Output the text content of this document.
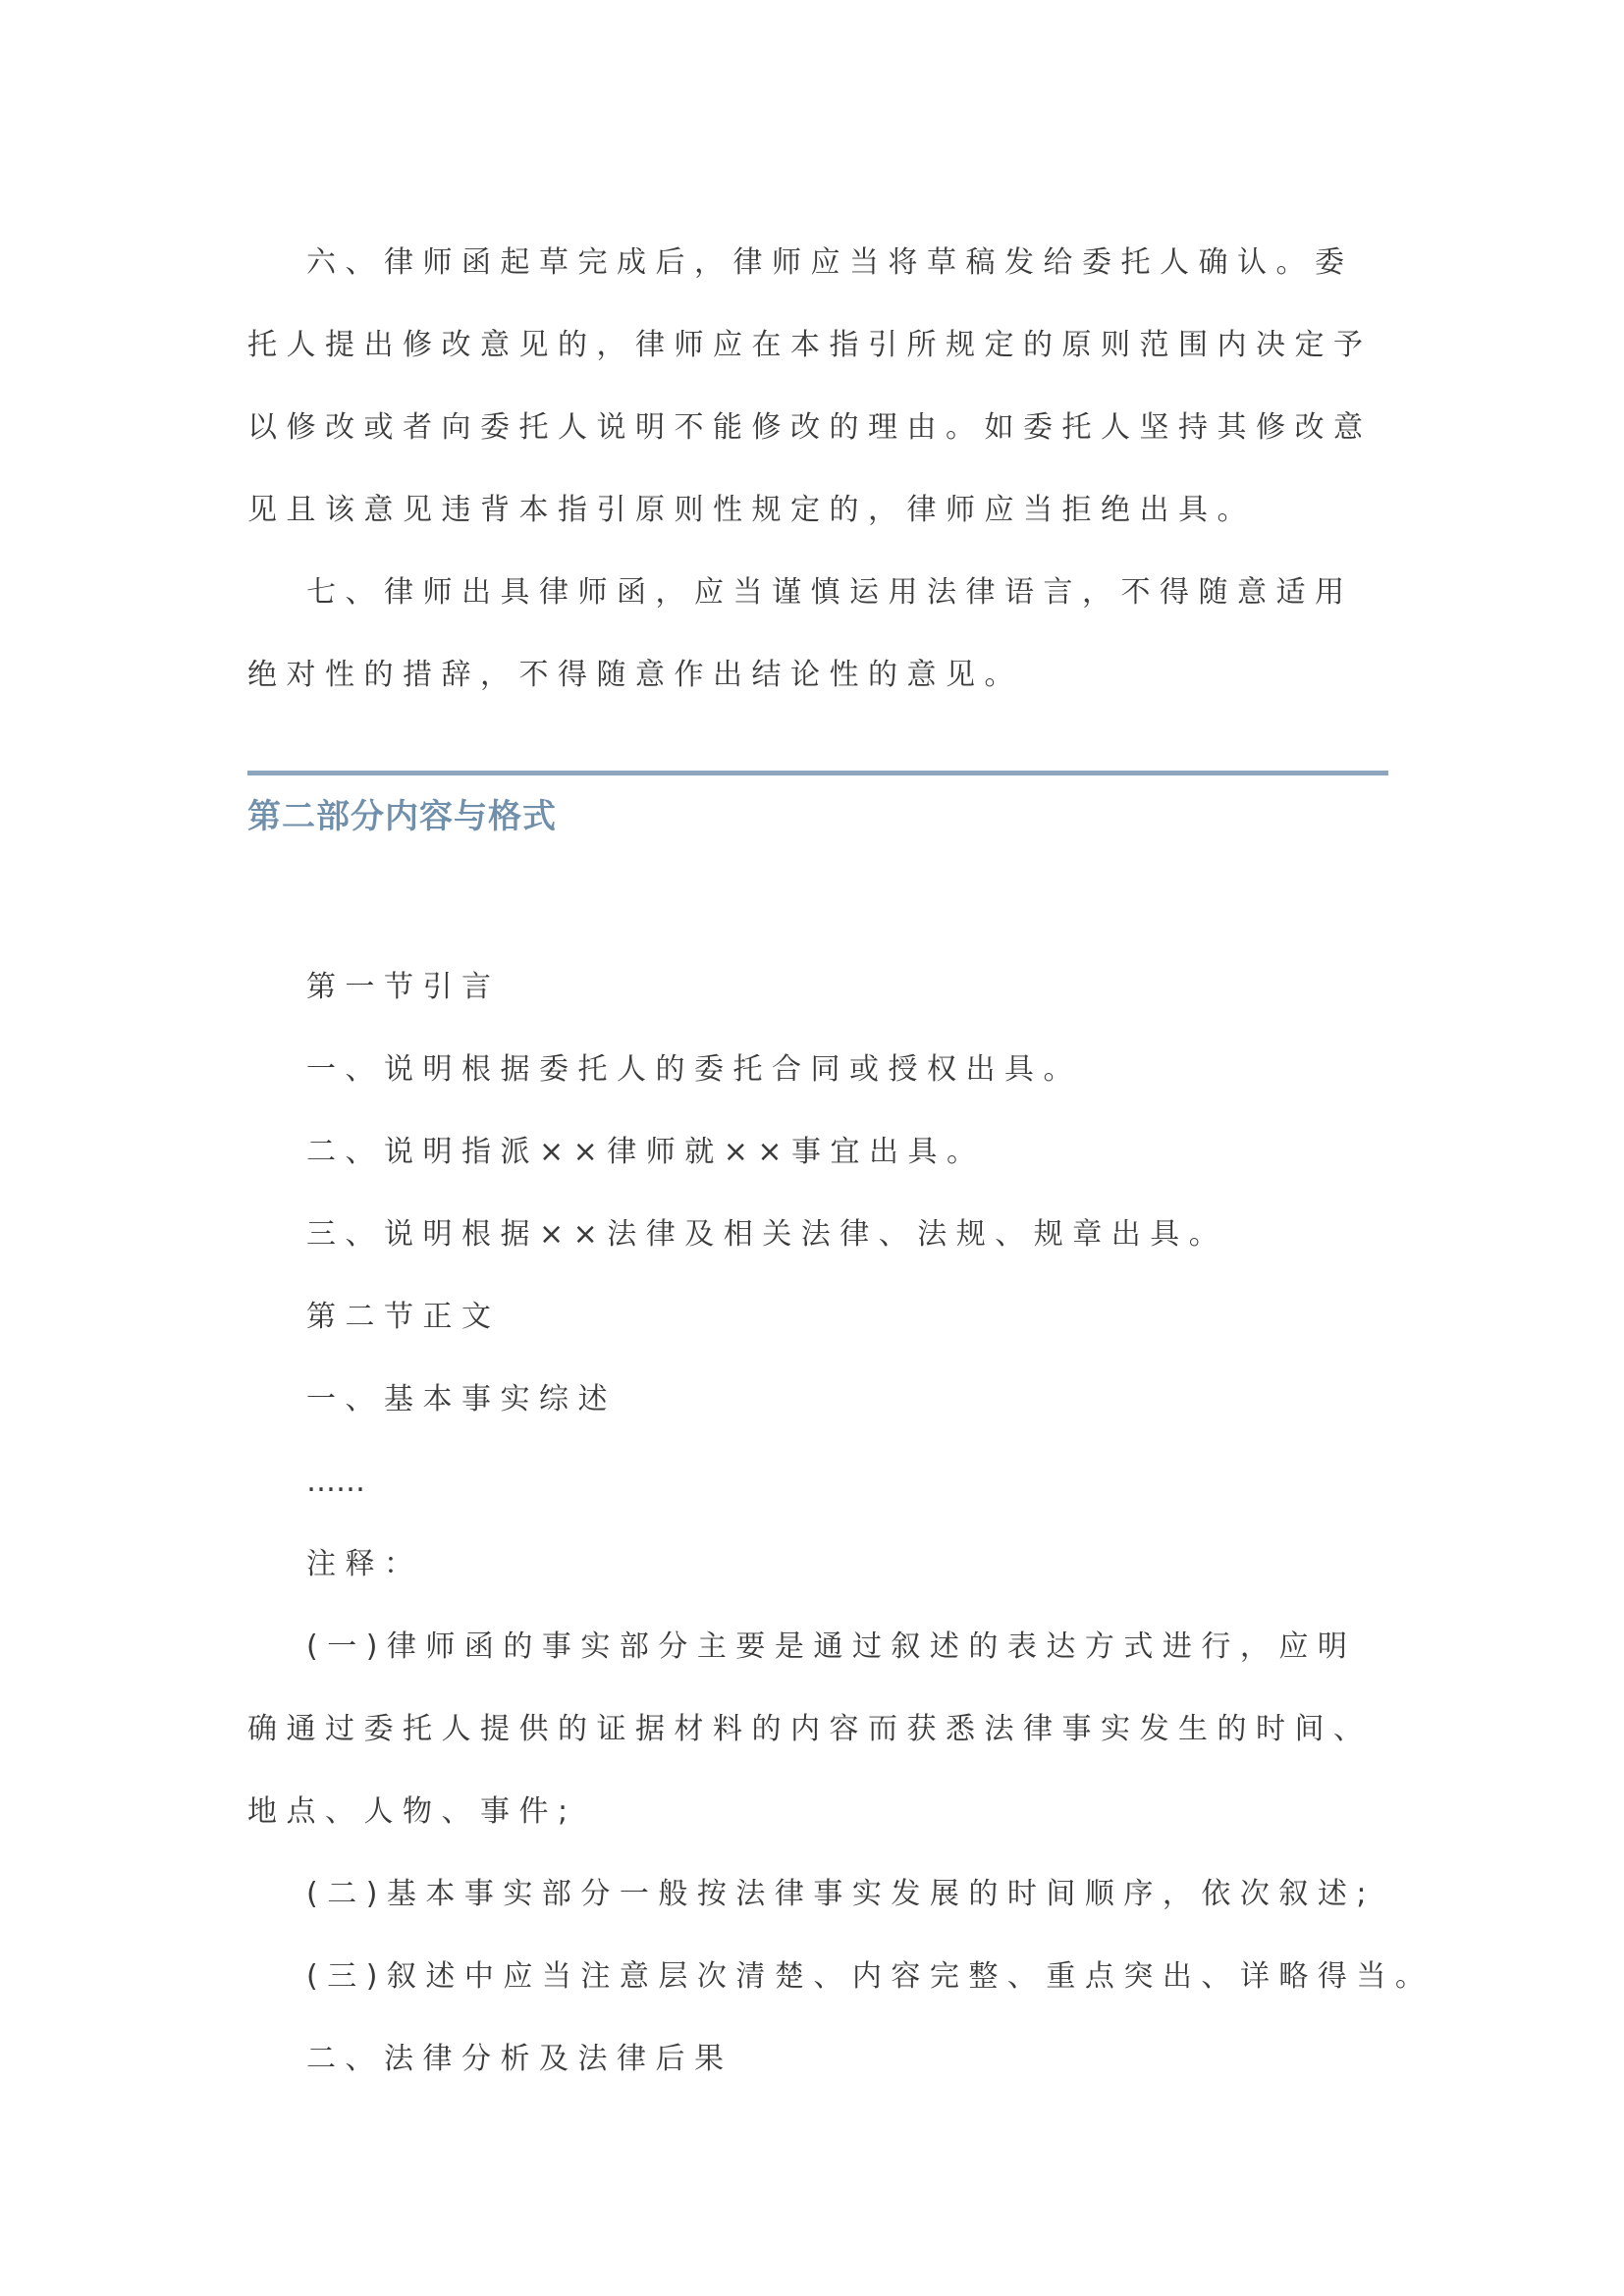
六、律师函起草完成后，律师应当将草稿发给委托人确认。委托人提出修改意见的，律师应在本指引所规定的原则范围内决定予以修改或者向委托人说明不能修改的理由。如委托人坚持其修改意见且该意见违背本指引原则性规定的，律师应当拒绝出具。

七、律师出具律师函，应当谨慎运用法律语言，不得随意适用绝对性的措辞，不得随意作出结论性的意见。

第二部分内容与格式

第一节引言

一、说明根据委托人的委托合同或授权出具。

二、说明指派××律师就××事宜出具。

三、说明根据××法律及相关法律、法规、规章出具。

第二节正文

一、基本事实综述

……

注释：

(一)律师函的事实部分主要是通过叙述的表达方式进行，应明确通过委托人提供的证据材料的内容而获悉法律事实发生的时间、地点、人物、事件;

(二)基本事实部分一般按法律事实发展的时间顺序，依次叙述;

(三)叙述中应当注意层次清楚、内容完整、重点突出、详略得当。

二、法律分析及法律后果
